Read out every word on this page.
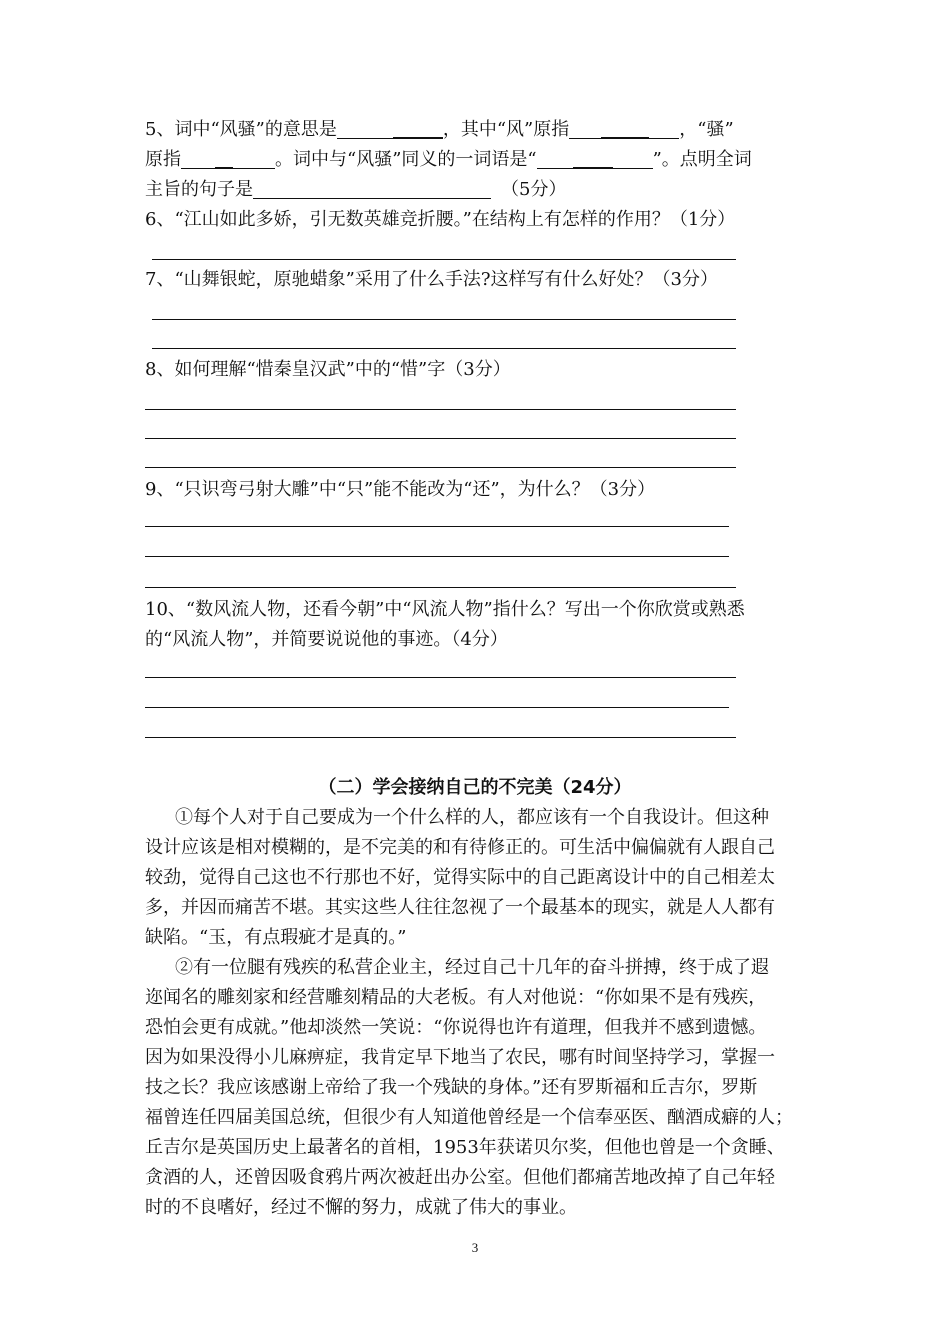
5、词中“风骚”的意思是	，其中“风”原指	，“骚”
原指	。词中与“风骚”同义的一词语是“	”。点明全词
主旨的句子是	（5分）
6、“江山如此多娇，引无数英雄竞折腰。”在结构上有怎样的作用？（1分）
7、“山舞银蛇，原驰蜡象”采用了什么手法?这样写有什么好处？（3分）
8、如何理解“惜秦皇汉武”中的“惜”字（3分）
9、“只识弯弓射大雕”中“只”能不能改为“还”，为什么？（3分）
10、“数风流人物，还看今朝”中“风流人物”指什么？写出一个你欣赏或熟悉
的“风流人物”，并简要说说他的事迹。（4分）
（二）学会接纳自己的不完美（24分）
①每个人对于自己要成为一个什么样的人，都应该有一个自我设计。但这种
设计应该是相对模糊的，是不完美的和有待修正的。可生活中偏偏就有人跟自己
较劲，觉得自己这也不行那也不好，觉得实际中的自己距离设计中的自己相差太
多，并因而痛苦不堪。其实这些人往往忽视了一个最基本的现实，就是人人都有
缺陷。“玉，有点瑕疵才是真的。”
②有一位腿有残疾的私营企业主，经过自己十几年的奋斗拼搏，终于成了遐
迩闻名的雕刻家和经营雕刻精品的大老板。有人对他说：“你如果不是有残疾，
恐怕会更有成就。”他却淡然一笑说：“你说得也许有道理，但我并不感到遗憾。
因为如果没得小儿麻痹症，我肯定早下地当了农民，哪有时间坚持学习，掌握一
技之长？我应该感谢上帝给了我一个残缺的身体。”还有罗斯福和丘吉尔，罗斯
福曾连任四届美国总统，但很少有人知道他曾经是一个信奉巫医、酗酒成癖的人；
丘吉尔是英国历史上最著名的首相，1953年获诺贝尔奖，但他也曾是一个贪睡、
贪酒的人，还曾因吸食鸦片两次被赶出办公室。但他们都痛苦地改掉了自己年轻
时的不良嗜好，经过不懈的努力，成就了伟大的事业。
3
